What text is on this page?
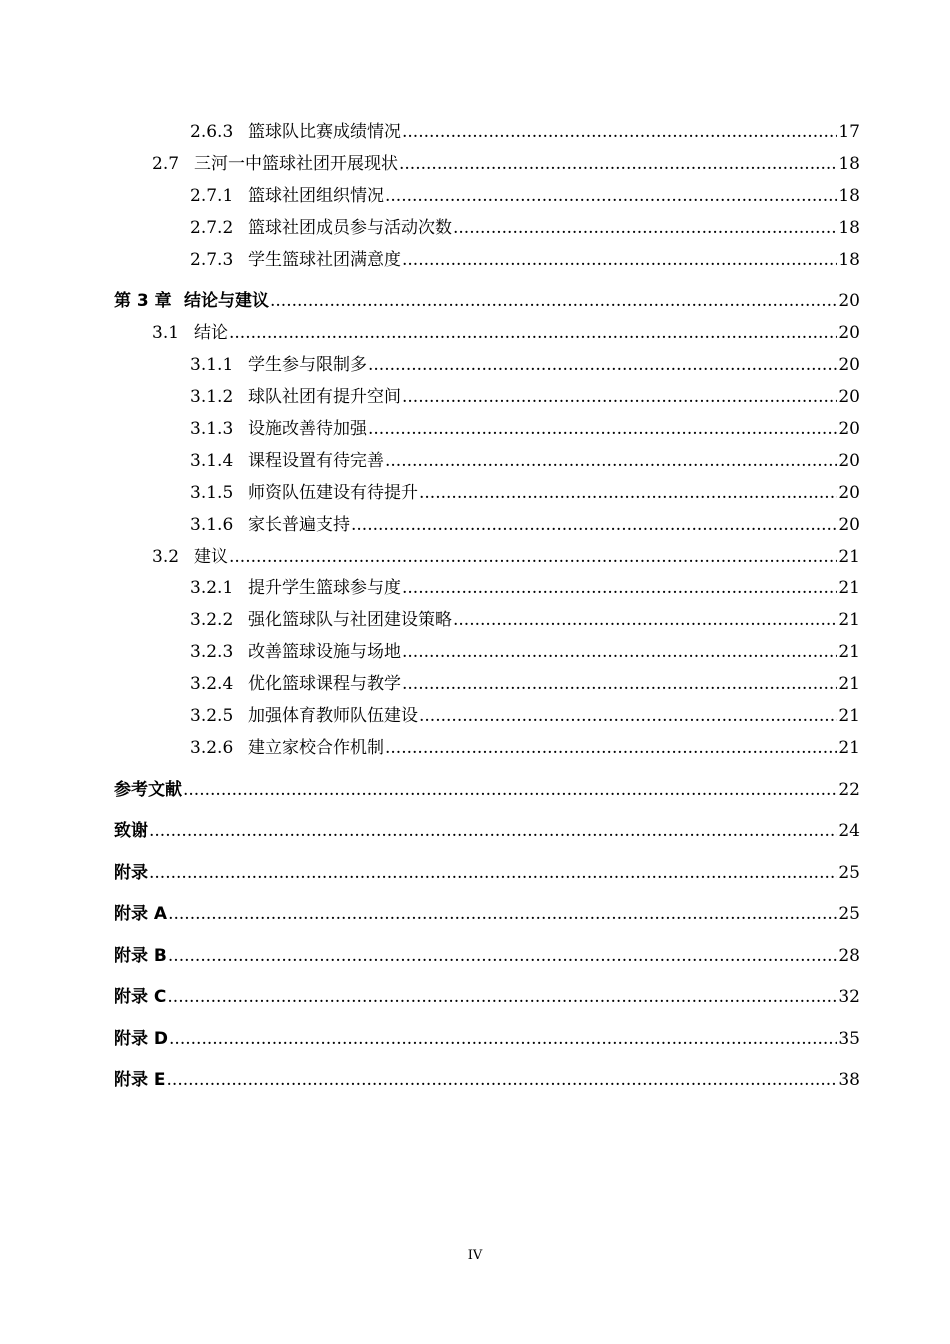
2.6.3 篮球队比赛成绩情况 .....	17
2.7 三河一中篮球社团开展现状 .....	18
2.7.1 篮球社团组织情况 .....	18
2.7.2 篮球社团成员参与活动次数 .....	18
2.7.3 学生篮球社团满意度 .....	18
第 3 章 结论与建议 .....	20
3.1 结论 .....	20
3.1.1 学生参与限制多 .....	20
3.1.2 球队社团有提升空间 .....	20
3.1.3 设施改善待加强 .....	20
3.1.4 课程设置有待完善 .....	20
3.1.5 师资队伍建设有待提升 .....	20
3.1.6 家长普遍支持 .....	20
3.2 建议 .....	21
3.2.1 提升学生篮球参与度 .....	21
3.2.2 强化篮球队与社团建设策略 .....	21
3.2.3 改善篮球设施与场地 .....	21
3.2.4 优化篮球课程与教学 .....	21
3.2.5 加强体育教师队伍建设 .....	21
3.2.6 建立家校合作机制 .....	21
参考文献 .....	22
致谢 .....	24
附录 .....	25
附录 A .....	25
附录 B .....	28
附录 C .....	32
附录 D .....	35
附录 E .....	38
IV
